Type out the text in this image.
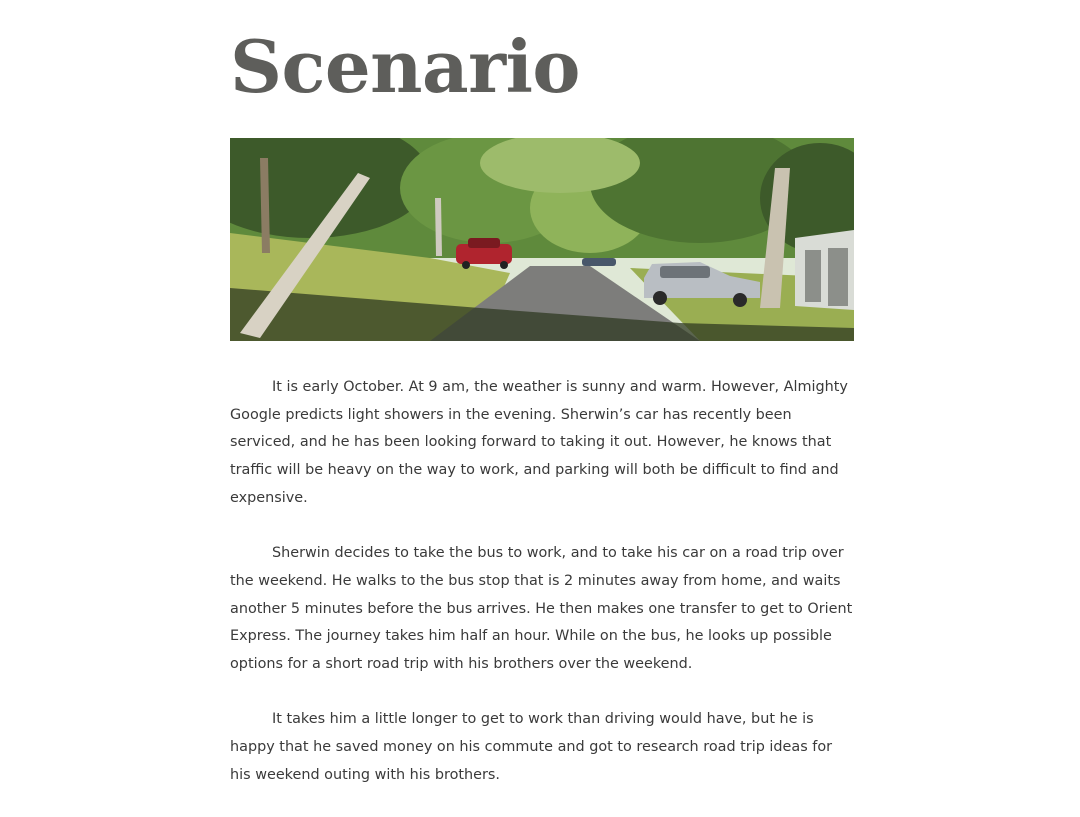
Scenario

It is early October. At 9 am, the weather is sunny and warm. However, Almighty Google predicts light showers in the evening. Sherwin’s car has recently been serviced, and he has been looking forward to taking it out. However, he knows that traffic will be heavy on the way to work, and parking will both be difficult to find and expensive.

Sherwin decides to take the bus to work, and to take his car on a road trip over the weekend. He walks to the bus stop that is 2 minutes away from home, and waits another 5 minutes before the bus arrives. He then makes one transfer to get to Orient Express. The journey takes him half an hour. While on the bus, he looks up possible options for a short road trip with his brothers over the weekend.

It takes him a little longer to get to work than driving would have, but he is happy that he saved money on his commute and got to research road trip ideas for his weekend outing with his brothers.
